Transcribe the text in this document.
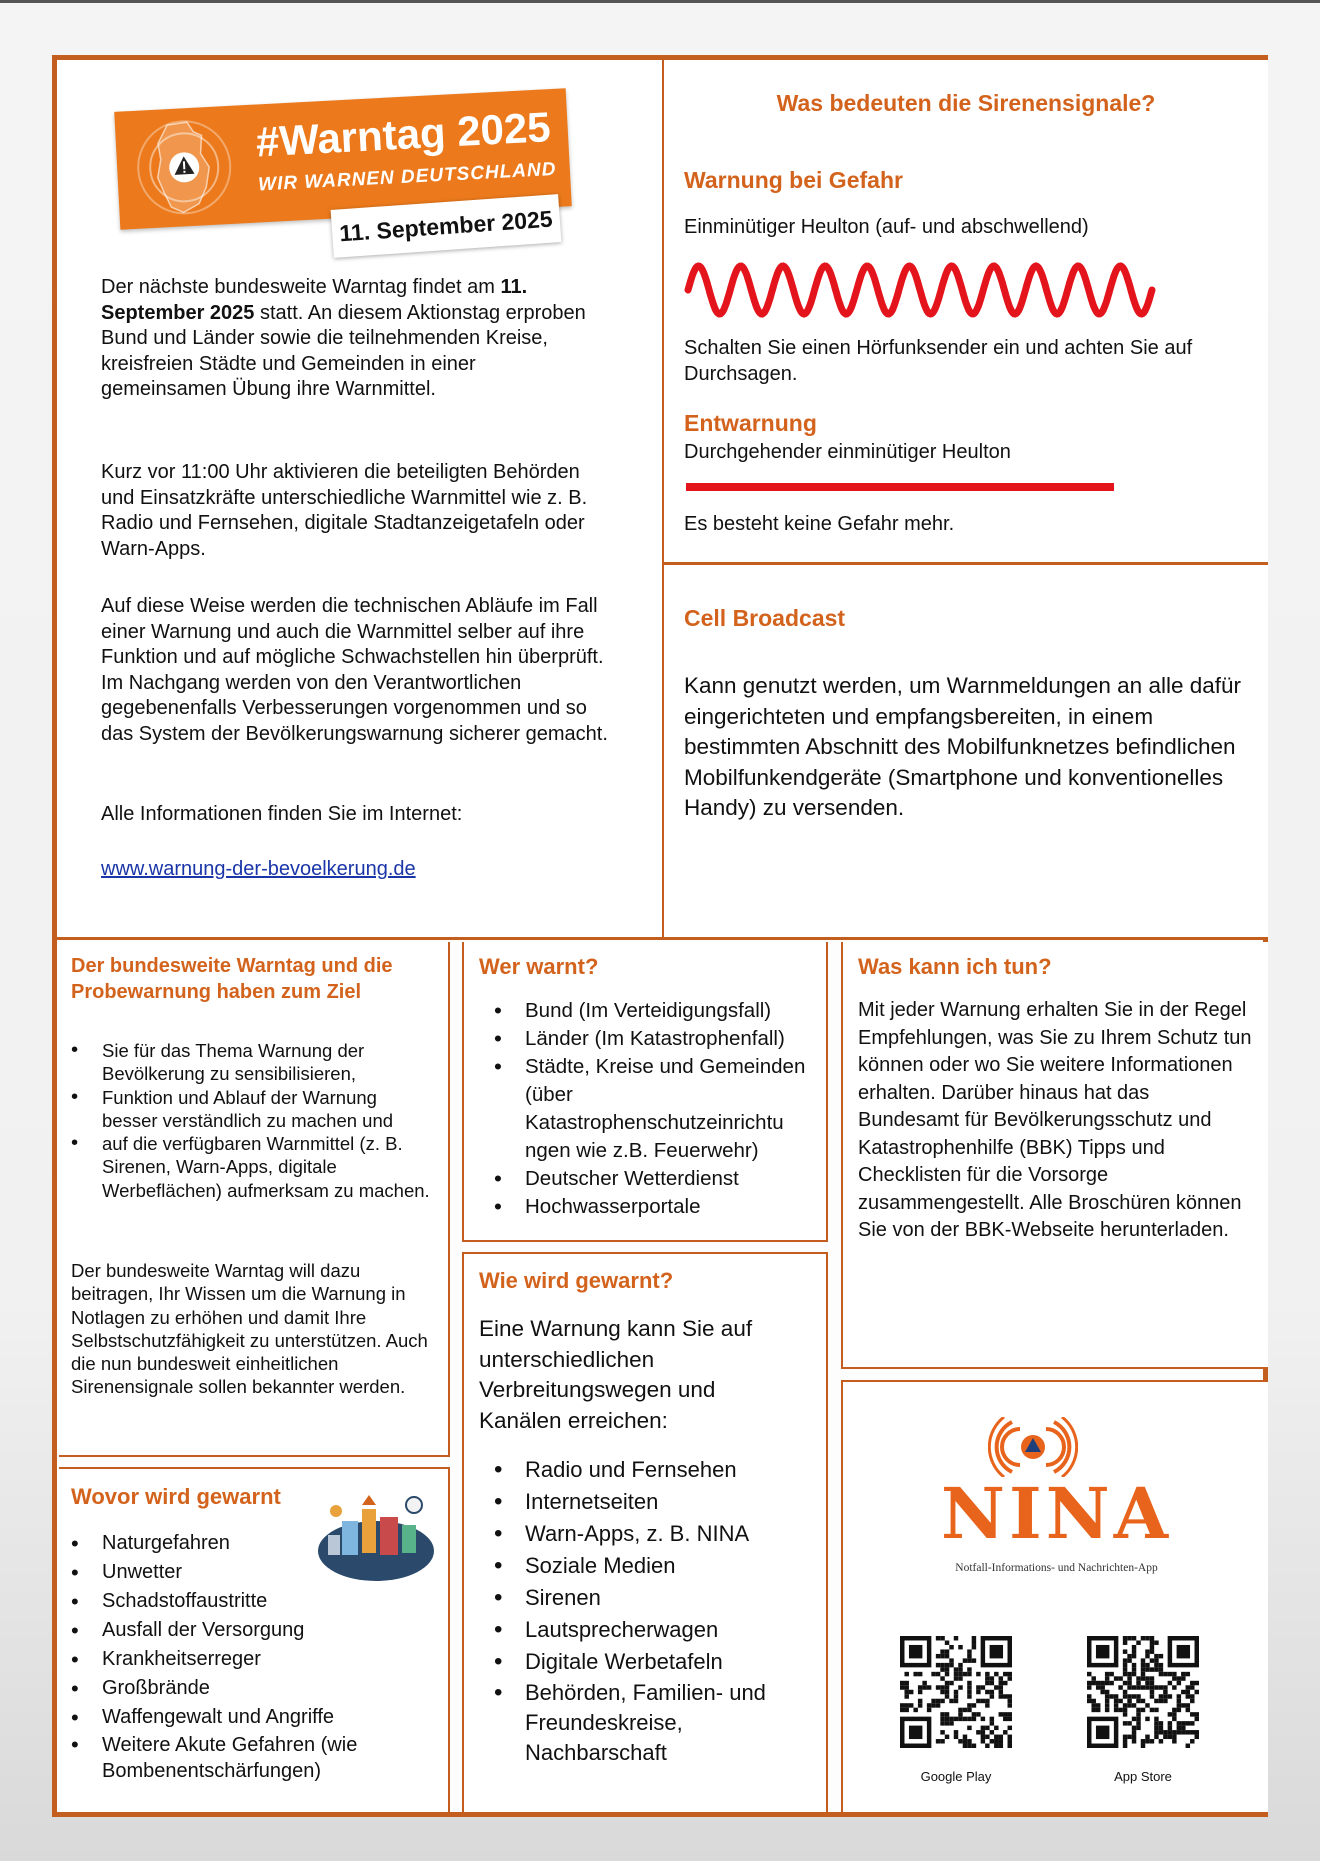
#Warntag 2025
WIR WARNEN DEUTSCHLAND
11. September 2025
Der nächste bundesweite Warntag findet am 11. September 2025 statt. An diesem Aktionstag erproben Bund und Länder sowie die teilnehmenden Kreise, kreisfreien Städte und Gemeinden in einer gemeinsamen Übung ihre Warnmittel.
Kurz vor 11:00 Uhr aktivieren die beteiligten Behörden und Einsatzkräfte unterschiedliche Warnmittel wie z. B. Radio und Fernsehen, digitale Stadtanzeigetafeln oder Warn-Apps.
Auf diese Weise werden die technischen Abläufe im Fall einer Warnung und auch die Warnmittel selber auf ihre Funktion und auf mögliche Schwachstellen hin überprüft. Im Nachgang werden von den Verantwortlichen gegebenenfalls Verbesserungen vorgenommen und so das System der Bevölkerungswarnung sicherer gemacht.
Alle Informationen finden Sie im Internet:
www.warnung-der-bevoelkerung.de
Was bedeuten die Sirenensignale?
Warnung bei Gefahr
Einminütiger Heulton (auf- und abschwellend)
Schalten Sie einen Hörfunksender ein und achten Sie auf Durchsagen.
Entwarnung
Durchgehender einminütiger Heulton
Es besteht keine Gefahr mehr.
Cell Broadcast
Kann genutzt werden, um Warnmeldungen an alle dafür eingerichteten und empfangsbereiten, in einem bestimmten Abschnitt des Mobilfunknetzes befindlichen Mobilfunkendgeräte (Smartphone und konventionelles Handy) zu versenden.
Der bundesweite Warntag und die Probewarnung haben zum Ziel
• Sie für das Thema Warnung der Bevölkerung zu sensibilisieren,
• Funktion und Ablauf der Warnung besser verständlich zu machen und
• auf die verfügbaren Warnmittel (z. B. Sirenen, Warn-Apps, digitale Werbeflächen) aufmerksam zu machen.
Der bundesweite Warntag will dazu beitragen, Ihr Wissen um die Warnung in Notlagen zu erhöhen und damit Ihre Selbstschutzfähigkeit zu unterstützen. Auch die nun bundesweit einheitlichen Sirenensignale sollen bekannter werden.
Wovor wird gewarnt
• Naturgefahren
• Unwetter
• Schadstoffaustritte
• Ausfall der Versorgung
• Krankheitserreger
• Großbrände
• Waffengewalt und Angriffe
• Weitere Akute Gefahren (wie Bombenentschärfungen)
Wer warnt?
• Bund (Im Verteidigungsfall)
• Länder (Im Katastrophenfall)
• Städte, Kreise und Gemeinden (über Katastrophenschutzeinrichtu ngen wie z.B. Feuerwehr)
• Deutscher Wetterdienst
• Hochwasserportale
Wie wird gewarnt?
Eine Warnung kann Sie auf unterschiedlichen Verbreitungswegen und Kanälen erreichen:
• Radio und Fernsehen
• Internetseiten
• Warn-Apps, z. B. NINA
• Soziale Medien
• Sirenen
• Lautsprecherwagen
• Digitale Werbetafeln
• Behörden, Familien- und Freundeskreise, Nachbarschaft
Was kann ich tun?
Mit jeder Warnung erhalten Sie in der Regel Empfehlungen, was Sie zu Ihrem Schutz tun können oder wo Sie weitere Informationen erhalten. Darüber hinaus hat das Bundesamt für Bevölkerungsschutz und Katastrophenhilfe (BBK) Tipps und Checklisten für die Vorsorge zusammengestellt. Alle Broschüren können Sie von der BBK-Webseite herunterladen.
NINA
Notfall-Informations- und Nachrichten-App
Google Play	App Store
